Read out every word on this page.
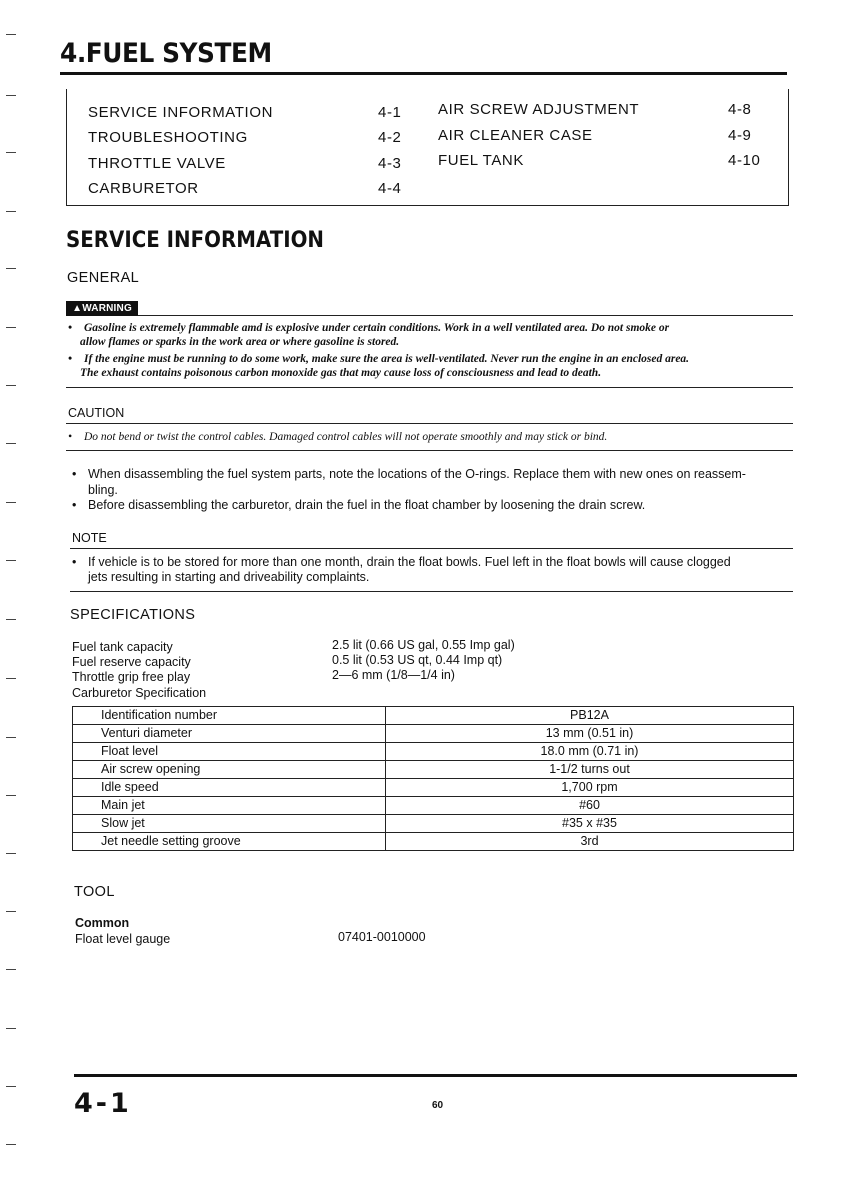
4.FUEL SYSTEM
SERVICE INFORMATION	4-1
TROUBLESHOOTING	4-2
THROTTLE VALVE	4-3
CARBURETOR	4-4
AIR SCREW ADJUSTMENT	4-8
AIR CLEANER CASE	4-9
FUEL TANK	4-10
SERVICE INFORMATION
GENERAL
▲WARNING
• Gasoline is extremely flammable amd is explosive under certain conditions. Work in a well ventilated area. Do not smoke or
allow flames or sparks in the work area or where gasoline is stored.
• If the engine must be running to do some work, make sure the area is well-ventilated. Never run the engine in an enclosed area.
The exhaust contains poisonous carbon monoxide gas that may cause loss of consciousness and lead to death.
CAUTION
• Do not bend or twist the control cables. Damaged control cables will not operate smoothly and may stick or bind.
• When disassembling the fuel system parts, note the locations of the O-rings. Replace them with new ones on reassem-
bling.
• Before disassembling the carburetor, drain the fuel in the float chamber by loosening the drain screw.
NOTE
• If vehicle is to be stored for more than one month, drain the float bowls. Fuel left in the float bowls will cause clogged
jets resulting in starting and driveability complaints.
SPECIFICATIONS
Fuel tank capacity	2.5 lit (0.66 US gal, 0.55 Imp gal)
Fuel reserve capacity	0.5 lit (0.53 US qt, 0.44 Imp qt)
Throttle grip free play	2—6 mm (1/8—1/4 in)
Carburetor Specification
Identification number	PB12A
Venturi diameter	13 mm (0.51 in)
Float level	18.0 mm (0.71 in)
Air screw opening	1-1/2 turns out
Idle speed	1,700 rpm
Main jet	#60
Slow jet	#35 x #35
Jet needle setting groove	3rd
TOOL
Common
Float level gauge	07401-0010000
4-1	60
